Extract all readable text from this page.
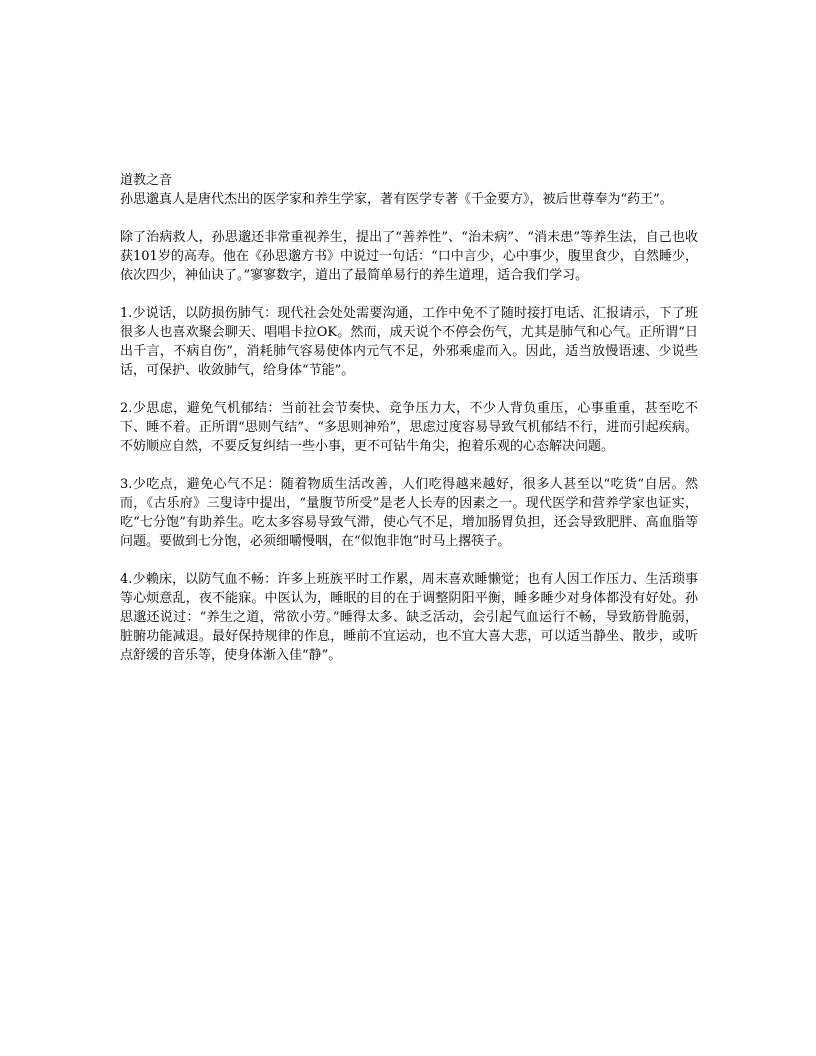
道教之音

孙思邈真人是唐代杰出的医学家和养生学家，著有医学专著《千金要方》，被后世尊奉为“药王”。

除了治病救人，孙思邈还非常重视养生，提出了“善养性”、“治未病”、“消未患”等养生法，自己也收获101岁的高寿。他在《孙思邈方书》中说过一句话：“口中言少，心中事少，腹里食少，自然睡少，依次四少，神仙诀了。”寥寥数字，道出了最简单易行的养生道理，适合我们学习。

1.少说话，以防损伤肺气：现代社会处处需要沟通，工作中免不了随时接打电话、汇报请示，下了班很多人也喜欢聚会聊天、唱唱卡拉OK。然而，成天说个不停会伤气，尤其是肺气和心气。正所谓“日出千言，不病自伤”，消耗肺气容易使体内元气不足，外邪乘虚而入。因此，适当放慢语速、少说些话，可保护、收敛肺气，给身体“节能”。

2.少思虑，避免气机郁结：当前社会节奏快、竞争压力大，不少人背负重压，心事重重，甚至吃不下、睡不着。正所谓“思则气结”、“多思则神殆”，思虑过度容易导致气机郁结不行，进而引起疾病。不妨顺应自然，不要反复纠结一些小事，更不可钻牛角尖，抱着乐观的心态解决问题。

3.少吃点，避免心气不足：随着物质生活改善，人们吃得越来越好，很多人甚至以“吃货”自居。然而，《古乐府》三叟诗中提出，“量腹节所受”是老人长寿的因素之一。现代医学和营养学家也证实，吃“七分饱”有助养生。吃太多容易导致气滞，使心气不足，增加肠胃负担，还会导致肥胖、高血脂等问题。要做到七分饱，必须细嚼慢咽，在“似饱非饱”时马上撂筷子。

4.少赖床，以防气血不畅：许多上班族平时工作累，周末喜欢睡懒觉；也有人因工作压力、生活琐事等心烦意乱，夜不能寐。中医认为，睡眠的目的在于调整阴阳平衡，睡多睡少对身体都没有好处。孙思邈还说过：“养生之道，常欲小劳。”睡得太多、缺乏活动，会引起气血运行不畅，导致筋骨脆弱，脏腑功能减退。最好保持规律的作息，睡前不宜运动，也不宜大喜大悲，可以适当静坐、散步，或听点舒缓的音乐等，使身体渐入佳“静”。
